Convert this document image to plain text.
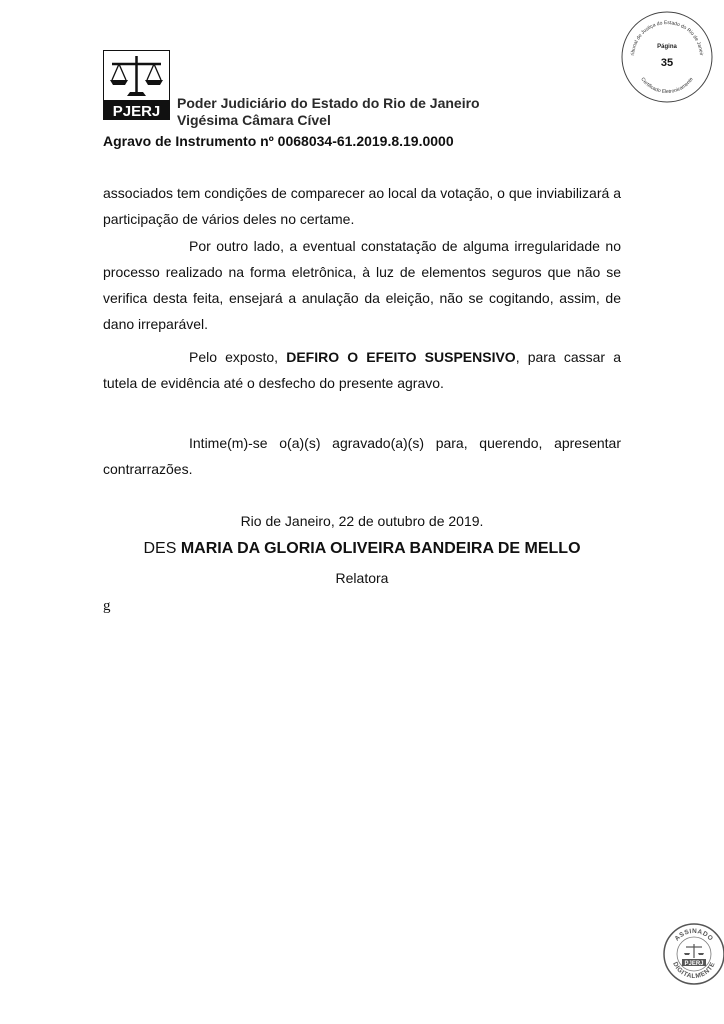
PJERJ Poder Judiciário do Estado do Rio de Janeiro
Vigésima Câmara Cível
Agravo de Instrumento nº 0068034-61.2019.8.19.0000
ribunal de Justiça do Estado do Rio de Janeir
Página
35
Certificado Eletronicamente

associados tem condições de comparecer ao local da votação, o que inviabilizará a participação de vários deles no certame.

Por outro lado, a eventual constatação de alguma irregularidade no processo realizado na forma eletrônica, à luz de elementos seguros que não se verifica desta feita, ensejará a anulação da eleição, não se cogitando, assim, de dano irreparável.

Pelo exposto, DEFIRO O EFEITO SUSPENSIVO, para cassar a tutela de evidência até o desfecho do presente agravo.

Intime(m)-se o(a)(s) agravado(a)(s) para, querendo, apresentar contrarrazões.

Rio de Janeiro, 22 de outubro de 2019.
DES MARIA DA GLORIA OLIVEIRA BANDEIRA DE MELLO
Relatora
g
ASSINADO
PJERJ
DIGITALMENTE
